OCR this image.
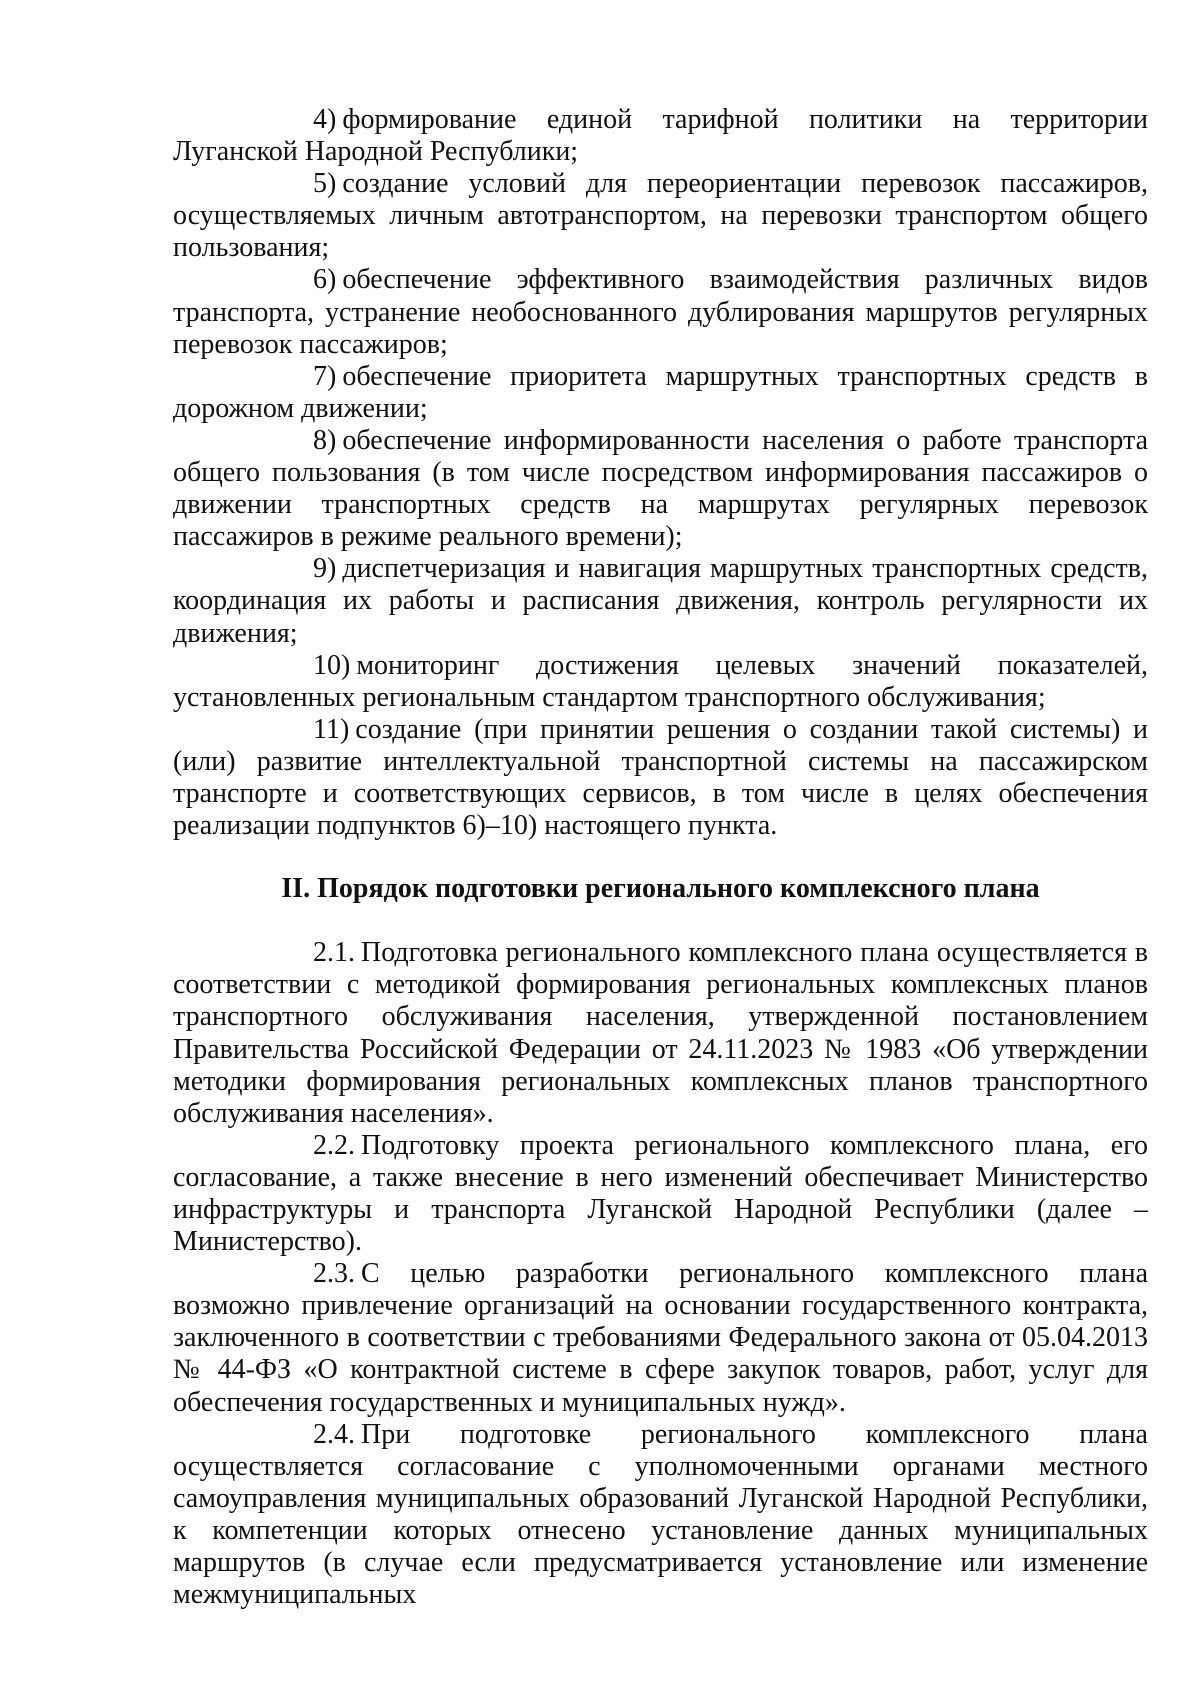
4) формирование единой тарифной политики на территории Луганской Народной Республики;

5) создание условий для переориентации перевозок пассажиров, осуществляемых личным автотранспортом, на перевозки транспортом общего пользования;

6) обеспечение эффективного взаимодействия различных видов транспорта, устранение необоснованного дублирования маршрутов регулярных перевозок пассажиров;

7) обеспечение приоритета маршрутных транспортных средств в дорожном движении;

8) обеспечение информированности населения о работе транспорта общего пользования (в том числе посредством информирования пассажиров о движении транспортных средств на маршрутах регулярных перевозок пассажиров в режиме реального времени);

9) диспетчеризация и навигация маршрутных транспортных средств, координация их работы и расписания движения, контроль регулярности их движения;

10) мониторинг достижения целевых значений показателей, установленных региональным стандартом транспортного обслуживания;

11) создание (при принятии решения о создании такой системы) и (или) развитие интеллектуальной транспортной системы на пассажирском транспорте и соответствующих сервисов, в том числе в целях обеспечения реализации подпунктов 6)–10) настоящего пункта.

II. Порядок подготовки регионального комплексного плана

2.1. Подготовка регионального комплексного плана осуществляется в соответствии с методикой формирования региональных комплексных планов транспортного обслуживания населения, утвержденной постановлением Правительства Российской Федерации от 24.11.2023 № 1983 «Об утверждении методики формирования региональных комплексных планов транспортного обслуживания населения».

2.2. Подготовку проекта регионального комплексного плана, его согласование, а также внесение в него изменений обеспечивает Министерство инфраструктуры и транспорта Луганской Народной Республики (далее – Министерство).

2.3. С целью разработки регионального комплексного плана возможно привлечение организаций на основании государственного контракта, заключенного в соответствии с требованиями Федерального закона от 05.04.2013 № 44-ФЗ «О контрактной системе в сфере закупок товаров, работ, услуг для обеспечения государственных и муниципальных нужд».

2.4. При подготовке регионального комплексного плана осуществляется согласование с уполномоченными органами местного самоуправления муниципальных образований Луганской Народной Республики, к компетенции которых отнесено установление данных муниципальных маршрутов (в случае если предусматривается установление или изменение межмуниципальных
